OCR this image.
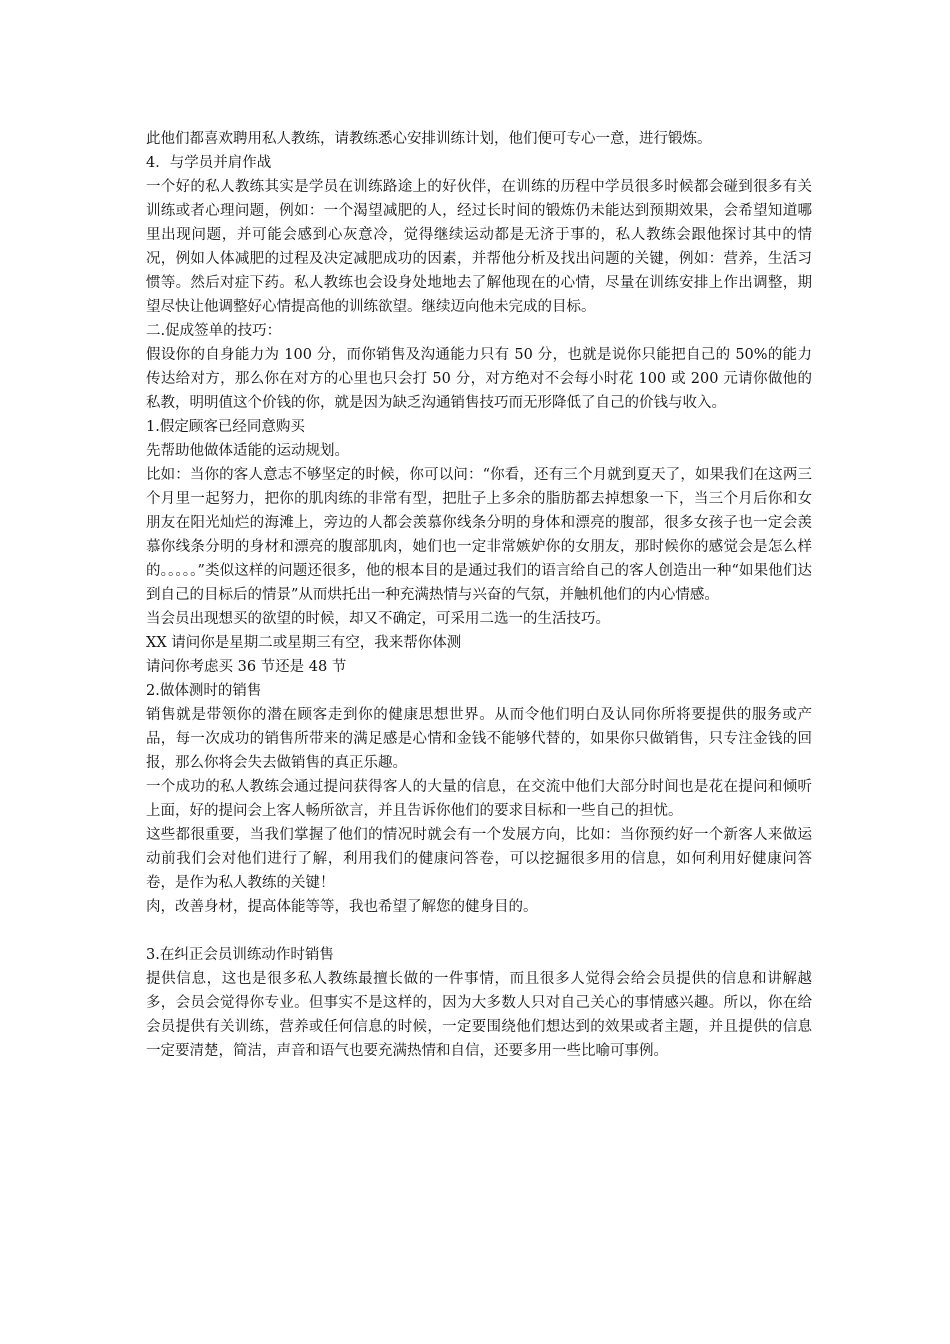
此他们都喜欢聘用私人教练，请教练悉心安排训练计划，他们便可专心一意，进行锻炼。

4．与学员并肩作战

一个好的私人教练其实是学员在训练路途上的好伙伴，在训练的历程中学员很多时候都会碰到很多有关训练或者心理问题，例如：一个渴望减肥的人，经过长时间的锻炼仍未能达到预期效果，会希望知道哪里出现问题，并可能会感到心灰意冷，觉得继续运动都是无济于事的，私人教练会跟他探讨其中的情况，例如人体减肥的过程及决定减肥成功的因素，并帮他分析及找出问题的关键，例如：营养，生活习惯等。然后对症下药。私人教练也会设身处地地去了解他现在的心情，尽量在训练安排上作出调整，期望尽快让他调整好心情提高他的训练欲望。继续迈向他未完成的目标。

二.促成签单的技巧：

假设你的自身能力为 100 分，而你销售及沟通能力只有 50 分，也就是说你只能把自己的 50%的能力传达给对方，那么你在对方的心里也只会打 50 分，对方绝对不会每小时花 100 或 200 元请你做他的私教，明明值这个价钱的你，就是因为缺乏沟通销售技巧而无形降低了自己的价钱与收入。

1.假定顾客已经同意购买

先帮助他做体适能的运动规划。

比如：当你的客人意志不够坚定的时候，你可以问：“你看，还有三个月就到夏天了，如果我们在这两三个月里一起努力，把你的肌肉练的非常有型，把肚子上多余的脂肪都去掉想象一下，当三个月后你和女朋友在阳光灿烂的海滩上，旁边的人都会羡慕你线条分明的身体和漂亮的腹部，很多女孩子也一定会羡慕你线条分明的身材和漂亮的腹部肌肉，她们也一定非常嫉妒你的女朋友，那时候你的感觉会是怎么样的。。。。。”类似这样的问题还很多，他的根本目的是通过我们的语言给自己的客人创造出一种“如果他们达到自己的目标后的情景”从而烘托出一种充满热情与兴奋的气氛，并触机他们的内心情感。

当会员出现想买的欲望的时候，却又不确定，可采用二选一的生活技巧。

XX 请问你是星期二或星期三有空，我来帮你体测

请问你考虑买 36 节还是 48 节

2.做体测时的销售

销售就是带领你的潜在顾客走到你的健康思想世界。从而令他们明白及认同你所将要提供的服务或产品，每一次成功的销售所带来的满足感是心情和金钱不能够代替的，如果你只做销售，只专注金钱的回报，那么你将会失去做销售的真正乐趣。

一个成功的私人教练会通过提问获得客人的大量的信息，在交流中他们大部分时间也是花在提问和倾听上面，好的提问会上客人畅所欲言，并且告诉你他们的要求目标和一些自己的担忧。

这些都很重要，当我们掌握了他们的情况时就会有一个发展方向，比如：当你预约好一个新客人来做运动前我们会对他们进行了解，利用我们的健康问答卷，可以挖掘很多用的信息，如何利用好健康问答卷，是作为私人教练的关键！

肉，改善身材，提高体能等等，我也希望了解您的健身目的。

3.在纠正会员训练动作时销售

提供信息，这也是很多私人教练最擅长做的一件事情，而且很多人觉得会给会员提供的信息和讲解越多，会员会觉得你专业。但事实不是这样的，因为大多数人只对自己关心的事情感兴趣。所以，你在给会员提供有关训练，营养或任何信息的时候，一定要围绕他们想达到的效果或者主题，并且提供的信息一定要清楚，简洁，声音和语气也要充满热情和自信，还要多用一些比喻可事例。
